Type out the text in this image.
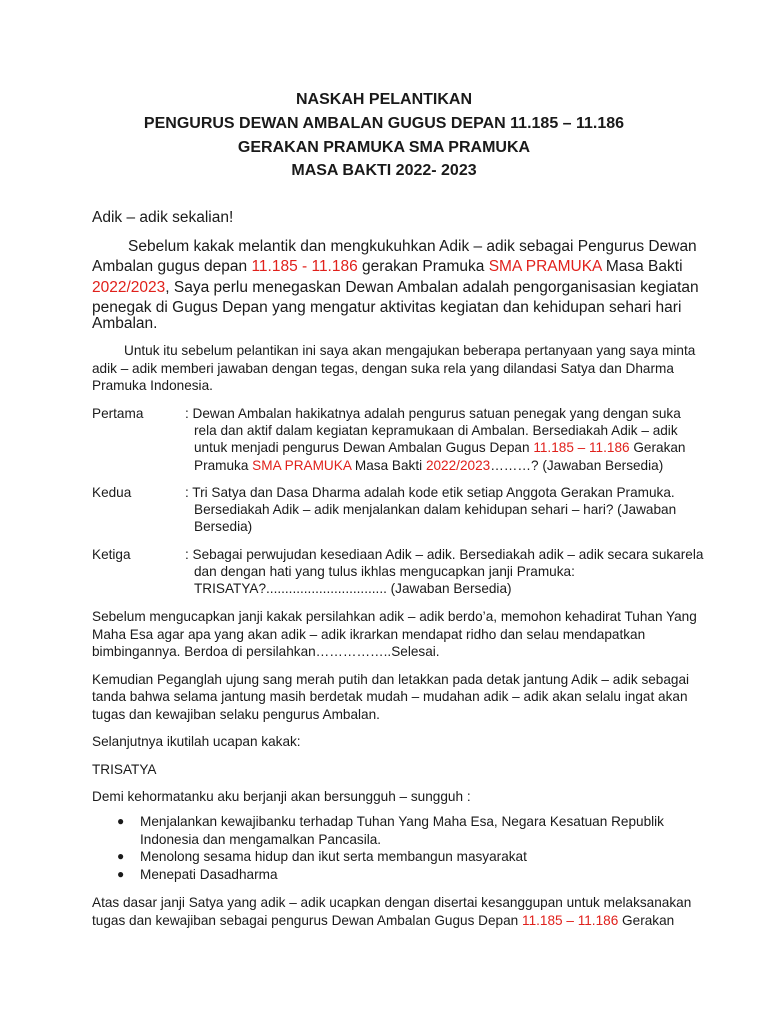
NASKAH PELANTIKAN
PENGURUS DEWAN AMBALAN GUGUS DEPAN 11.185 – 11.186
GERAKAN PRAMUKA SMA PRAMUKA
MASA BAKTI 2022- 2023
Adik – adik sekalian!
Sebelum kakak melantik dan mengkukuhkan Adik – adik sebagai Pengurus Dewan
Ambalan gugus depan 11.185 - 11.186 gerakan Pramuka SMA PRAMUKA Masa Bakti
2022/2023, Saya perlu menegaskan Dewan Ambalan adalah pengorganisasian kegiatan
penegak di Gugus Depan yang mengatur aktivitas kegiatan dan kehidupan sehari hari
Ambalan.
Untuk itu sebelum pelantikan ini saya akan mengajukan beberapa pertanyaan yang saya minta
adik – adik memberi jawaban dengan tegas, dengan suka rela yang dilandasi Satya dan Dharma
Pramuka Indonesia.
Pertama	: Dewan Ambalan hakikatnya adalah pengurus satuan penegak yang dengan suka
rela dan aktif dalam kegiatan kepramukaan di Ambalan. Bersediakah Adik – adik
untuk menjadi pengurus Dewan Ambalan Gugus Depan 11.185 – 11.186 Gerakan
Pramuka SMA PRAMUKA Masa Bakti 2022/2023………? (Jawaban Bersedia)
Kedua	: Tri Satya dan Dasa Dharma adalah kode etik setiap Anggota Gerakan Pramuka.
Bersediakah Adik – adik menjalankan dalam kehidupan sehari – hari? (Jawaban
Bersedia)
Ketiga	: Sebagai perwujudan kesediaan Adik – adik. Bersediakah adik – adik secara sukarela
dan dengan hati yang tulus ikhlas mengucapkan janji Pramuka:
TRISATYA?................................ (Jawaban Bersedia)
Sebelum mengucapkan janji kakak persilahkan adik – adik berdo’a, memohon kehadirat Tuhan Yang
Maha Esa agar apa yang akan adik – adik ikrarkan mendapat ridho dan selau mendapatkan
bimbingannya. Berdoa di persilahkan……………..Selesai.
Kemudian Peganglah ujung sang merah putih dan letakkan pada detak jantung Adik – adik sebagai
tanda bahwa selama jantung masih berdetak mudah – mudahan adik – adik akan selalu ingat akan
tugas dan kewajiban selaku pengurus Ambalan.
Selanjutnya ikutilah ucapan kakak:
TRISATYA
Demi kehormatanku aku berjanji akan bersungguh – sungguh :
● Menjalankan kewajibanku terhadap Tuhan Yang Maha Esa, Negara Kesatuan Republik
Indonesia dan mengamalkan Pancasila.
● Menolong sesama hidup dan ikut serta membangun masyarakat
● Menepati Dasadharma
Atas dasar janji Satya yang adik – adik ucapkan dengan disertai kesanggupan untuk melaksanakan
tugas dan kewajiban sebagai pengurus Dewan Ambalan Gugus Depan 11.185 – 11.186 Gerakan
